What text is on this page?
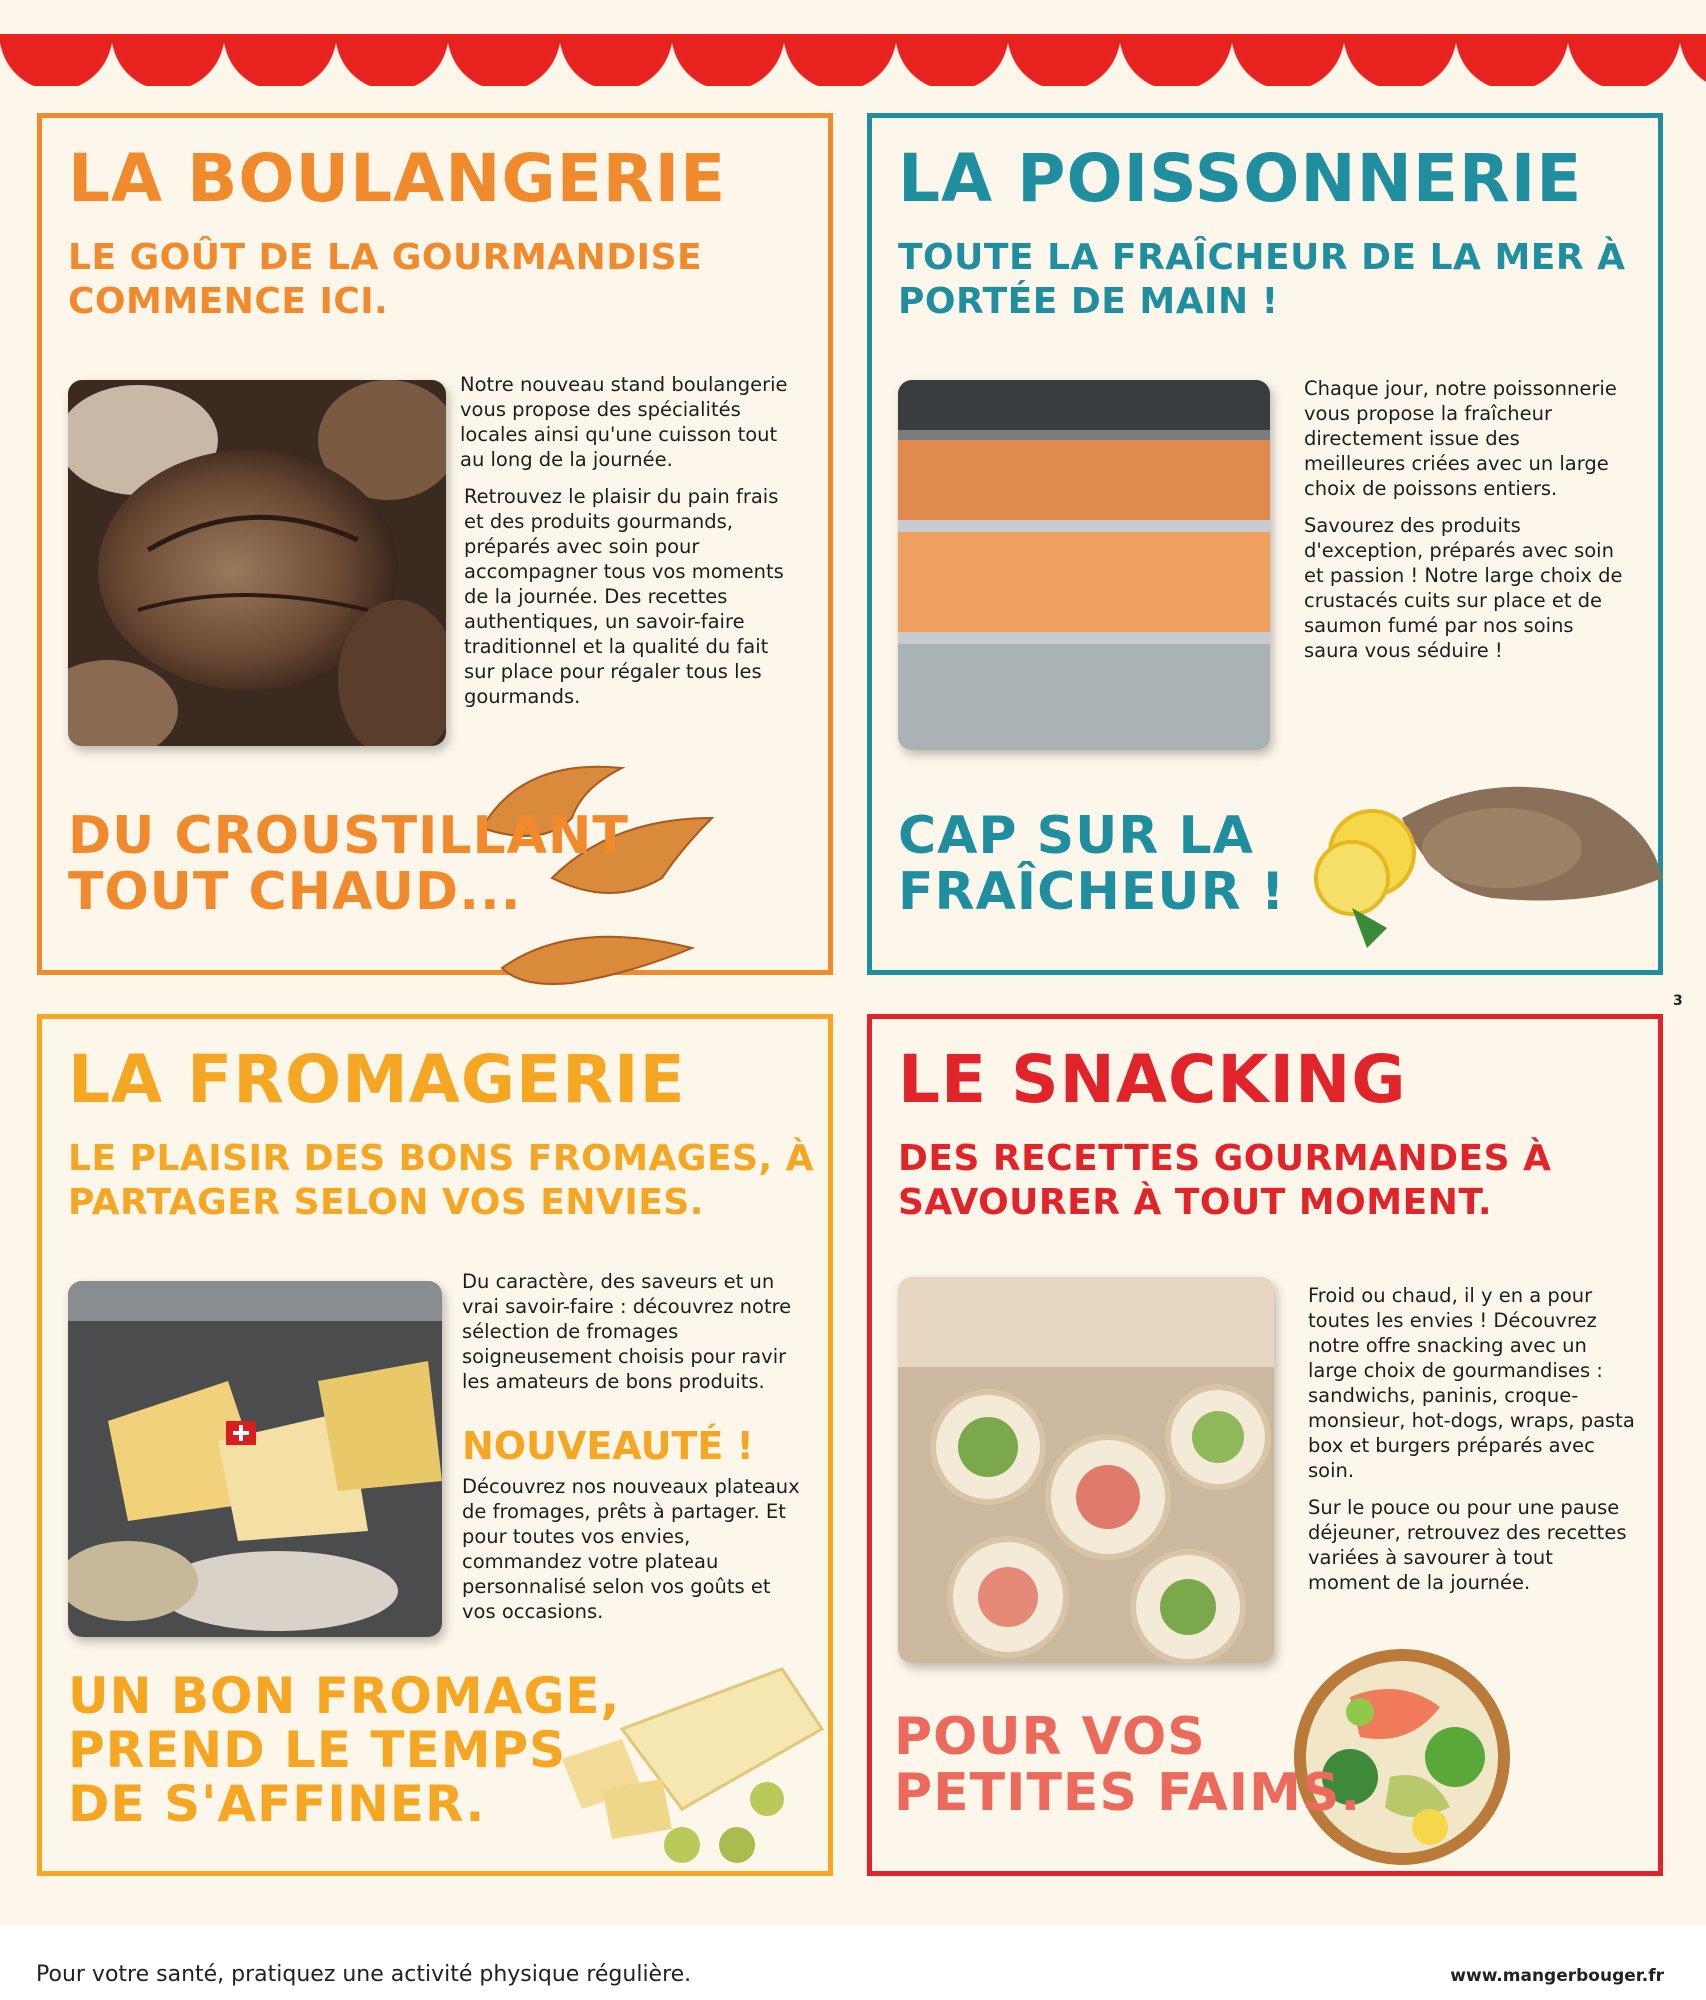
LA BOULANGERIE
LE GOÛT DE LA GOURMANDISE COMMENCE ICI.

Notre nouveau stand boulangerie vous propose des spécialités locales ainsi qu'une cuisson tout au long de la journée.

Retrouvez le plaisir du pain frais et des produits gourmands, préparés avec soin pour accompagner tous vos moments de la journée. Des recettes authentiques, un savoir-faire traditionnel et la qualité du fait sur place pour régaler tous les gourmands.

DU CROUSTILLANT
TOUT CHAUD...

LA POISSONNERIE
TOUTE LA FRAÎCHEUR DE LA MER À PORTÉE DE MAIN !

Chaque jour, notre poissonnerie vous propose la fraîcheur directement issue des meilleures criées avec un large choix de poissons entiers.

Savourez des produits d'exception, préparés avec soin et passion ! Notre large choix de crustacés cuits sur place et de saumon fumé par nos soins saura vous séduire !

CAP SUR LA
FRAÎCHEUR !

3
LA FROMAGERIE
LE PLAISIR DES BONS FROMAGES, À PARTAGER SELON VOS ENVIES.

Du caractère, des saveurs et un vrai savoir-faire : découvrez notre sélection de fromages soigneusement choisis pour ravir les amateurs de bons produits.

NOUVEAUTÉ !

Découvrez nos nouveaux plateaux de fromages, prêts à partager. Et pour toutes vos envies, commandez votre plateau personnalisé selon vos goûts et vos occasions.

UN BON FROMAGE,
PREND LE TEMPS
DE S'AFFINER.

LE SNACKING
DES RECETTES GOURMANDES À SAVOURER À TOUT MOMENT.

Froid ou chaud, il y en a pour toutes les envies ! Découvrez notre offre snacking avec un large choix de gourmandises : sandwichs, paninis, croque-monsieur, hot-dogs, wraps, pasta box et burgers préparés avec soin.

Sur le pouce ou pour une pause déjeuner, retrouvez des recettes variées à savourer à tout moment de la journée.

POUR VOS
PETITES FAIMS.

Pour votre santé, pratiquez une activité physique régulière.	www.mangerbouger.fr
